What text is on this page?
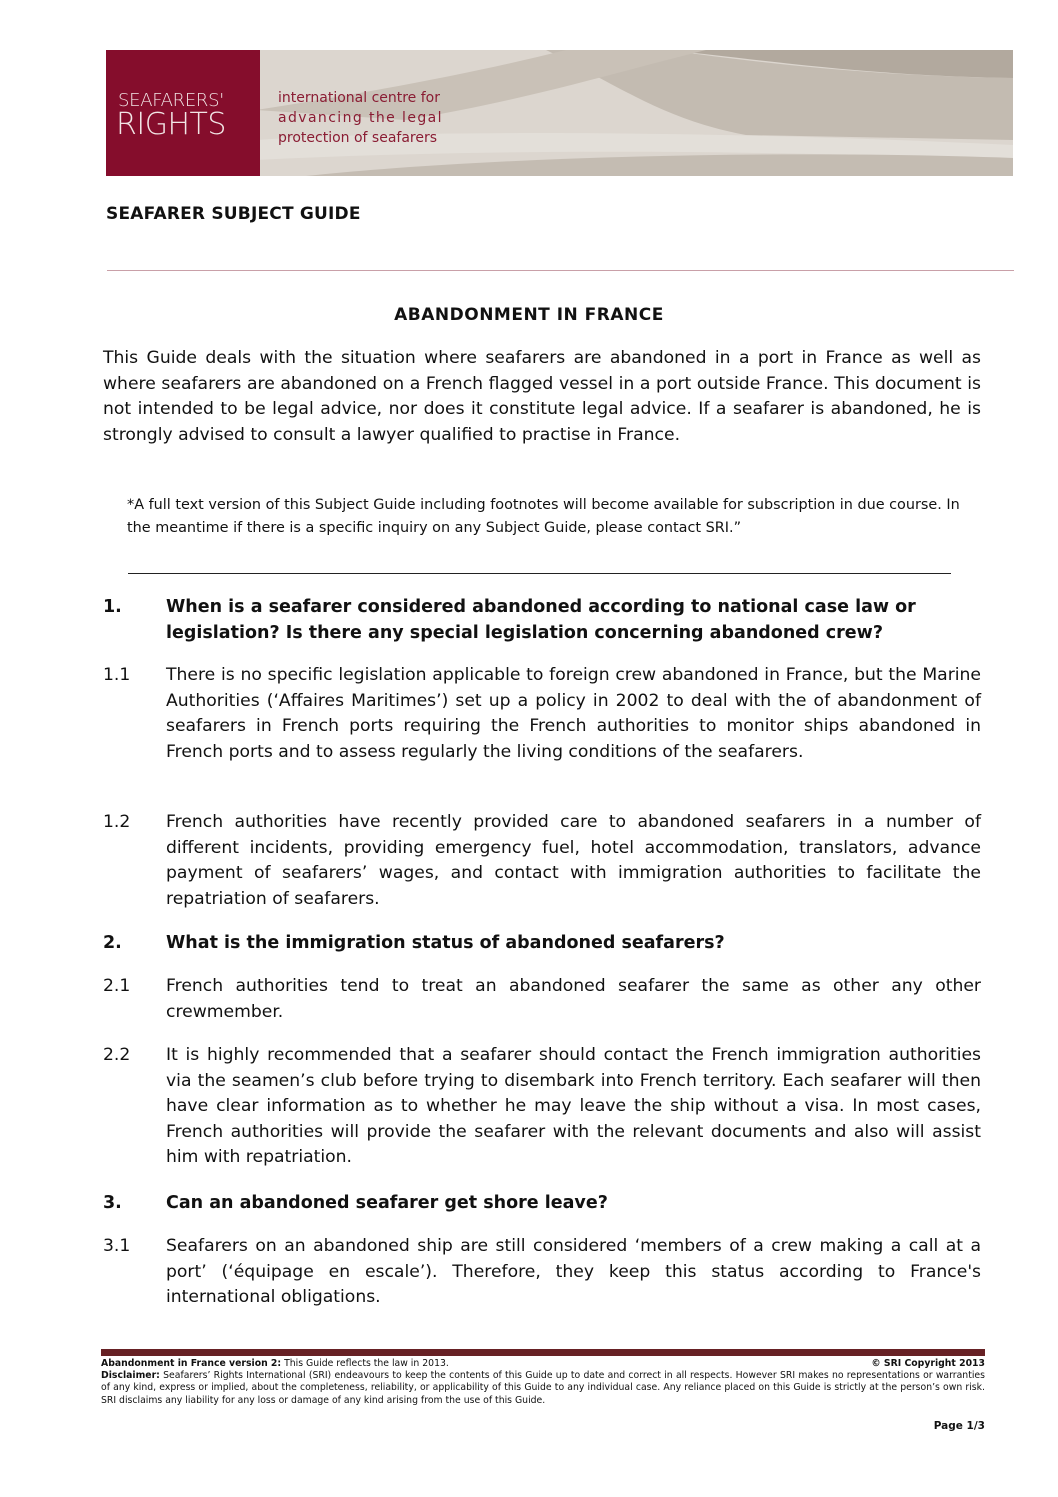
SEAFARERS'
RIGHTS
international centre for
advancing the legal
protection of seafarers
SEAFARER SUBJECT GUIDE
ABANDONMENT IN FRANCE
This Guide deals with the situation where seafarers are abandoned in a port in France as well as where seafarers are abandoned on a French flagged vessel in a port outside France. This document is not intended to be legal advice, nor does it constitute legal advice. If a seafarer is abandoned, he is strongly advised to consult a lawyer qualified to practise in France.
*A full text version of this Subject Guide including footnotes will become available for subscription in due course. In the meantime if there is a specific inquiry on any Subject Guide, please contact SRI.”
1.	When is a seafarer considered abandoned according to national case law or legislation? Is there any special legislation concerning abandoned crew?
1.1	There is no specific legislation applicable to foreign crew abandoned in France, but the Marine Authorities (‘Affaires Maritimes’) set up a policy in 2002 to deal with the of abandonment of seafarers in French ports requiring the French authorities to monitor ships abandoned in French ports and to assess regularly the living conditions of the seafarers.
1.2	French authorities have recently provided care to abandoned seafarers in a number of different incidents, providing emergency fuel, hotel accommodation, translators, advance payment of seafarers’ wages, and contact with immigration authorities to facilitate the repatriation of seafarers.
2.	What is the immigration status of abandoned seafarers?
2.1	French authorities tend to treat an abandoned seafarer the same as other any other crewmember.
2.2	It is highly recommended that a seafarer should contact the French immigration authorities via the seamen’s club before trying to disembark into French territory. Each seafarer will then have clear information as to whether he may leave the ship without a visa. In most cases, French authorities will provide the seafarer with the relevant documents and also will assist him with repatriation.
3.	Can an abandoned seafarer get shore leave?
3.1	Seafarers on an abandoned ship are still considered ‘members of a crew making a call at a port’ (‘équipage en escale’). Therefore, they keep this status according to France's international obligations.
Abandonment in France version 2: This Guide reflects the law in 2013.	© SRI Copyright 2013
Disclaimer: Seafarers’ Rights International (SRI) endeavours to keep the contents of this Guide up to date and correct in all respects. However SRI makes no representations or warranties of any kind, express or implied, about the completeness, reliability, or applicability of this Guide to any individual case. Any reliance placed on this Guide is strictly at the person’s own risk. SRI disclaims any liability for any loss or damage of any kind arising from the use of this Guide.
Page 1/3
